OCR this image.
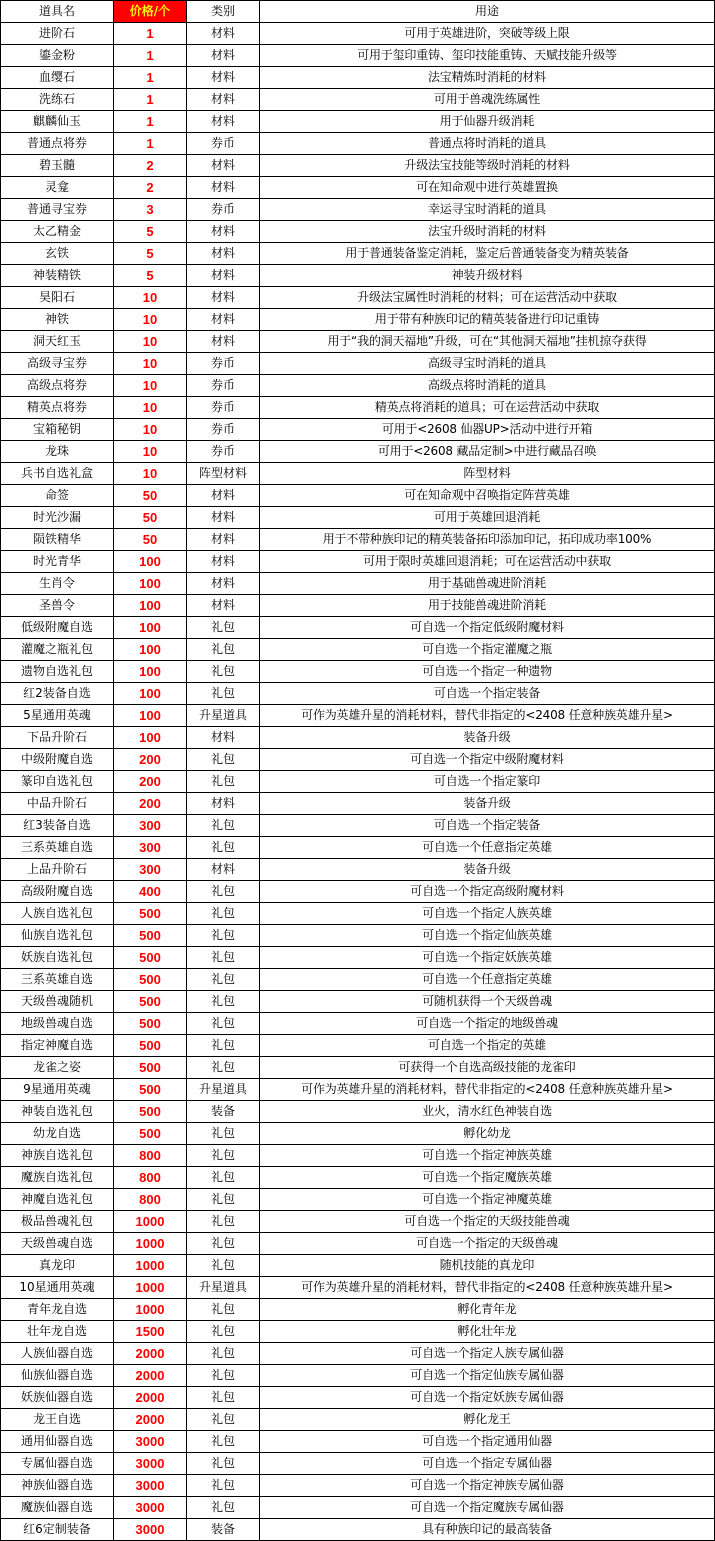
道具名	价格/个	类别	用途
进阶石	1	材料	可用于英雄进阶，突破等级上限
鎏金粉	1	材料	可用于玺印重铸、玺印技能重铸、天赋技能升级等
血缨石	1	材料	法宝精炼时消耗的材料
洗练石	1	材料	可用于兽魂洗练属性
麒麟仙玉	1	材料	用于仙器升级消耗
普通点将券	1	券币	普通点将时消耗的道具
碧玉髓	2	材料	升级法宝技能等级时消耗的材料
灵龛	2	材料	可在知命观中进行英雄置换
普通寻宝券	3	券币	幸运寻宝时消耗的道具
太乙精金	5	材料	法宝升级时消耗的材料
玄铁	5	材料	用于普通装备鉴定消耗，鉴定后普通装备变为精英装备
神装精铁	5	材料	神装升级材料
昊阳石	10	材料	升级法宝属性时消耗的材料；可在运营活动中获取
神铁	10	材料	用于带有种族印记的精英装备进行印记重铸
洞天红玉	10	材料	用于“我的洞天福地”升级，可在“其他洞天福地”挂机掠夺获得
高级寻宝券	10	券币	高级寻宝时消耗的道具
高级点将券	10	券币	高级点将时消耗的道具
精英点将券	10	券币	精英点将消耗的道具；可在运营活动中获取
宝箱秘钥	10	券币	可用于<2608 仙器UP>活动中进行开箱
龙珠	10	券币	可用于<2608 藏品定制>中进行藏品召唤
兵书自选礼盒	10	阵型材料	阵型材料
命签	50	材料	可在知命观中召唤指定阵营英雄
时光沙漏	50	材料	可用于英雄回退消耗
陨铁精华	50	材料	用于不带种族印记的精英装备拓印添加印记，拓印成功率100%
时光青华	100	材料	可用于限时英雄回退消耗；可在运营活动中获取
生肖令	100	材料	用于基础兽魂进阶消耗
圣兽令	100	材料	用于技能兽魂进阶消耗
低级附魔自选	100	礼包	可自选一个指定低级附魔材料
灌魔之瓶礼包	100	礼包	可自选一个指定灌魔之瓶
遗物自选礼包	100	礼包	可自选一个指定一种遗物
红2装备自选	100	礼包	可自选一个指定装备
5星通用英魂	100	升星道具	可作为英雄升星的消耗材料，替代非指定的<2408 任意种族英雄升星>
下品升阶石	100	材料	装备升级
中级附魔自选	200	礼包	可自选一个指定中级附魔材料
篆印自选礼包	200	礼包	可自选一个指定篆印
中品升阶石	200	材料	装备升级
红3装备自选	300	礼包	可自选一个指定装备
三系英雄自选	300	礼包	可自选一个任意指定英雄
上品升阶石	300	材料	装备升级
高级附魔自选	400	礼包	可自选一个指定高级附魔材料
人族自选礼包	500	礼包	可自选一个指定人族英雄
仙族自选礼包	500	礼包	可自选一个指定仙族英雄
妖族自选礼包	500	礼包	可自选一个指定妖族英雄
三系英雄自选	500	礼包	可自选一个任意指定英雄
天级兽魂随机	500	礼包	可随机获得一个天级兽魂
地级兽魂自选	500	礼包	可自选一个指定的地级兽魂
指定神魔自选	500	礼包	可自选一个指定的英雄
龙雀之姿	500	礼包	可获得一个自选高级技能的龙雀印
9星通用英魂	500	升星道具	可作为英雄升星的消耗材料，替代非指定的<2408 任意种族英雄升星>
神装自选礼包	500	装备	业火，清水红色神装自选
幼龙自选	500	礼包	孵化幼龙
神族自选礼包	800	礼包	可自选一个指定神族英雄
魔族自选礼包	800	礼包	可自选一个指定魔族英雄
神魔自选礼包	800	礼包	可自选一个指定神魔英雄
极品兽魂礼包	1000	礼包	可自选一个指定的天级技能兽魂
天级兽魂自选	1000	礼包	可自选一个指定的天级兽魂
真龙印	1000	礼包	随机技能的真龙印
10星通用英魂	1000	升星道具	可作为英雄升星的消耗材料，替代非指定的<2408 任意种族英雄升星>
青年龙自选	1000	礼包	孵化青年龙
壮年龙自选	1500	礼包	孵化壮年龙
人族仙器自选	2000	礼包	可自选一个指定人族专属仙器
仙族仙器自选	2000	礼包	可自选一个指定仙族专属仙器
妖族仙器自选	2000	礼包	可自选一个指定妖族专属仙器
龙王自选	2000	礼包	孵化龙王
通用仙器自选	3000	礼包	可自选一个指定通用仙器
专属仙器自选	3000	礼包	可自选一个指定专属仙器
神族仙器自选	3000	礼包	可自选一个指定神族专属仙器
魔族仙器自选	3000	礼包	可自选一个指定魔族专属仙器
红6定制装备	3000	装备	具有种族印记的最高装备
